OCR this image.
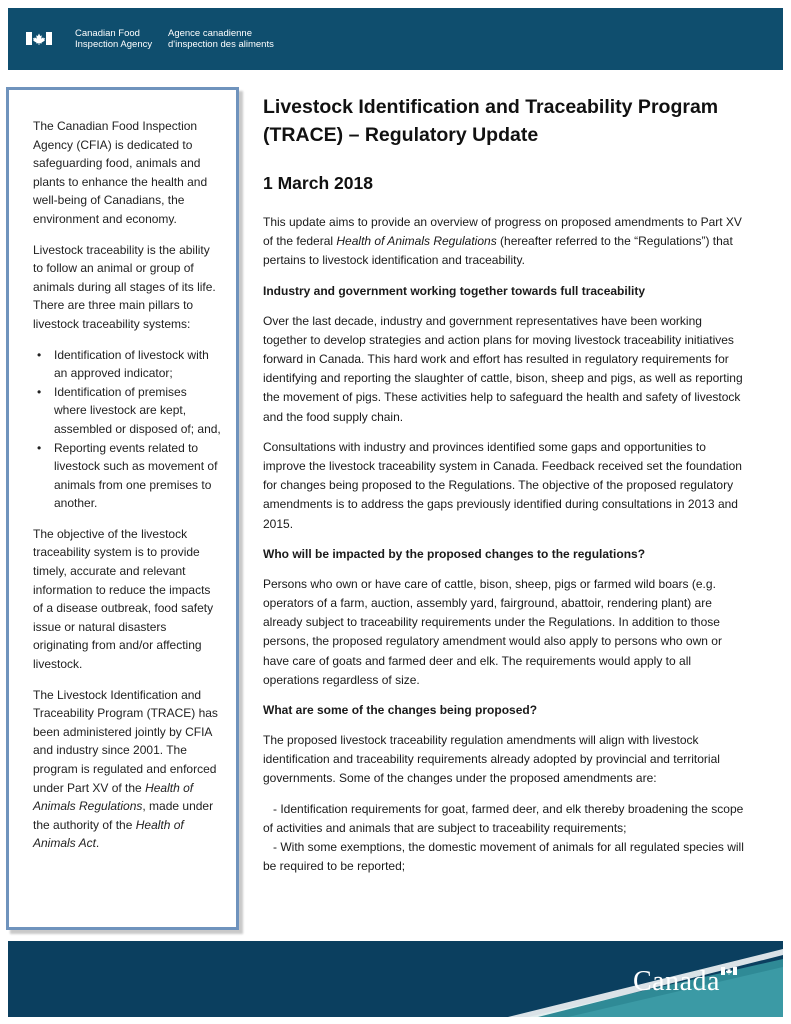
Canadian Food
Inspection Agency
Agence canadienne
d'inspection des aliments

The Canadian Food Inspection Agency (CFIA) is dedicated to safeguarding food, animals and plants to enhance the health and well-being of Canadians, the environment and economy.

Livestock traceability is the ability to follow an animal or group of animals during all stages of its life. There are three main pillars to livestock traceability systems:

• Identification of livestock with an approved indicator;
• Identification of premises where livestock are kept, assembled or disposed of; and,
• Reporting events related to livestock such as movement of animals from one premises to another.

The objective of the livestock traceability system is to provide timely, accurate and relevant information to reduce the impacts of a disease outbreak, food safety issue or natural disasters originating from and/or affecting livestock.

The Livestock Identification and Traceability Program (TRACE) has been administered jointly by CFIA and industry since 2001. The program is regulated and enforced under Part XV of the Health of Animals Regulations, made under the authority of the Health of Animals Act.

Livestock Identification and Traceability Program (TRACE) – Regulatory Update
1 March 2018

This update aims to provide an overview of progress on proposed amendments to Part XV of the federal Health of Animals Regulations (hereafter referred to the “Regulations”) that pertains to livestock identification and traceability.

Industry and government working together towards full traceability

Over the last decade, industry and government representatives have been working together to develop strategies and action plans for moving livestock traceability initiatives forward in Canada. This hard work and effort has resulted in regulatory requirements for identifying and reporting the slaughter of cattle, bison, sheep and pigs, as well as reporting the movement of pigs. These activities help to safeguard the health and safety of livestock and the food supply chain.

Consultations with industry and provinces identified some gaps and opportunities to improve the livestock traceability system in Canada. Feedback received set the foundation for changes being proposed to the Regulations. The objective of the proposed regulatory amendments is to address the gaps previously identified during consultations in 2013 and 2015.

Who will be impacted by the proposed changes to the regulations?

Persons who own or have care of cattle, bison, sheep, pigs or farmed wild boars (e.g. operators of a farm, auction, assembly yard, fairground, abattoir, rendering plant) are already subject to traceability requirements under the Regulations. In addition to those persons, the proposed regulatory amendment would also apply to persons who own or have care of goats and farmed deer and elk. The requirements would apply to all operations regardless of size.

What are some of the changes being proposed?

The proposed livestock traceability regulation amendments will align with livestock identification and traceability requirements already adopted by provincial and territorial governments. Some of the changes under the proposed amendments are:

- Identification requirements for goat, farmed deer, and elk thereby broadening the scope of activities and animals that are subject to traceability requirements;
- With some exemptions, the domestic movement of animals for all regulated species will be required to be reported;
Canada
